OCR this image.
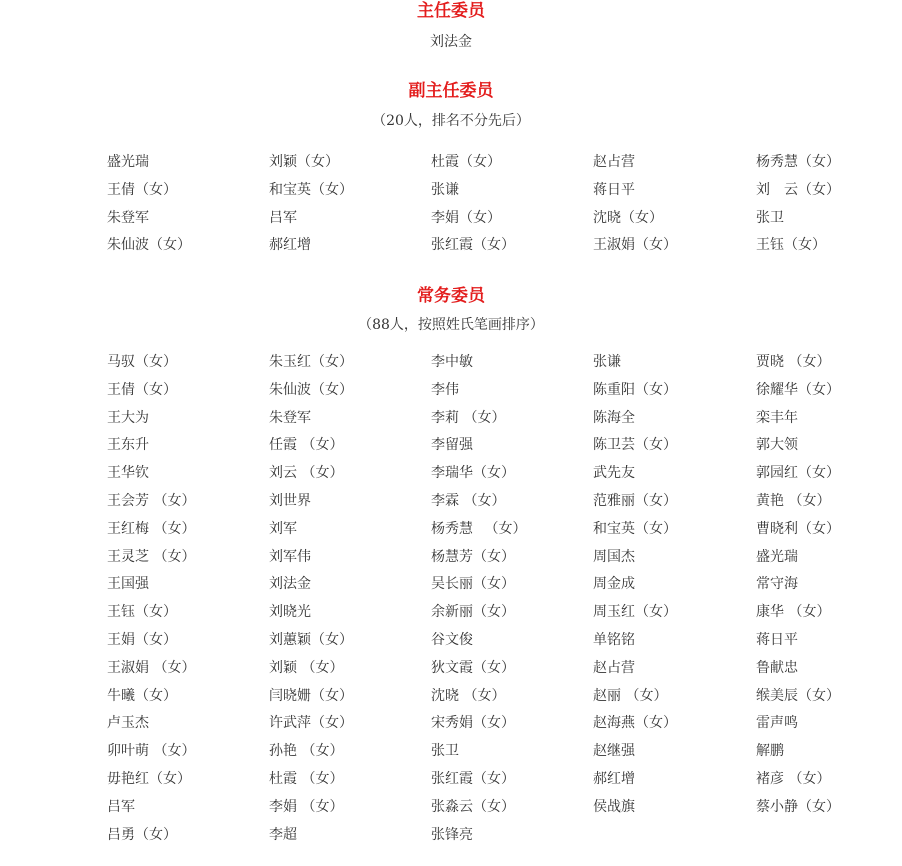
主任委员
刘法金
副主任委员
（20人，排名不分先后）
盛光瑞	刘颖（女）	杜霞（女）	赵占营	杨秀慧（女）
王倩（女）	和宝英（女）	张谦	蒋日平	刘　云（女）
朱登军	吕军	李娟（女）	沈晓（女）	张卫
朱仙波（女）	郝红增	张红霞（女）	王淑娟（女）	王钰（女）
常务委员
（88人，按照姓氏笔画排序）
马驭（女）	朱玉红（女）	李中敏	张谦	贾晓 （女）
王倩（女）	朱仙波（女）	李伟	陈重阳（女）	徐耀华（女）
王大为	朱登军	李莉 （女）	陈海全	栾丰年
王东升	任霞 （女）	李留强	陈卫芸（女）	郭大领
王华钦	刘云 （女）	李瑞华（女）	武先友	郭园红（女）
王会芳 （女）	刘世界	李霖 （女）	范雅丽（女）	黄艳 （女）
王红梅 （女）	刘军	杨秀慧 　（女）	和宝英（女）	曹晓利（女）
王灵芝 （女）	刘军伟	杨慧芳（女）	周国杰	盛光瑞
王国强	刘法金	吴长丽（女）	周金成	常守海
王钰（女）	刘晓光	余新丽（女）	周玉红（女）	康华 （女）
王娟（女）	刘蕙颖（女）	谷文俊	单铭铭	蒋日平
王淑娟 （女）	刘颖 （女）	狄文霞（女）	赵占营	鲁献忠
牛曦（女）	闫晓姗（女）	沈晓 （女）	赵丽 （女）	缑美辰（女）
卢玉杰	许武萍（女）	宋秀娟（女）	赵海燕（女）	雷声鸣
卯叶萌 （女）	孙艳 （女）	张卫	赵继强	解鹏
毋艳红（女）	杜霞 （女）	张红霞（女）	郝红增	褚彦 （女）
吕军	李娟 （女）	张淼云（女）	侯战旗	蔡小静（女）
吕勇（女）	李超	张锋亮
